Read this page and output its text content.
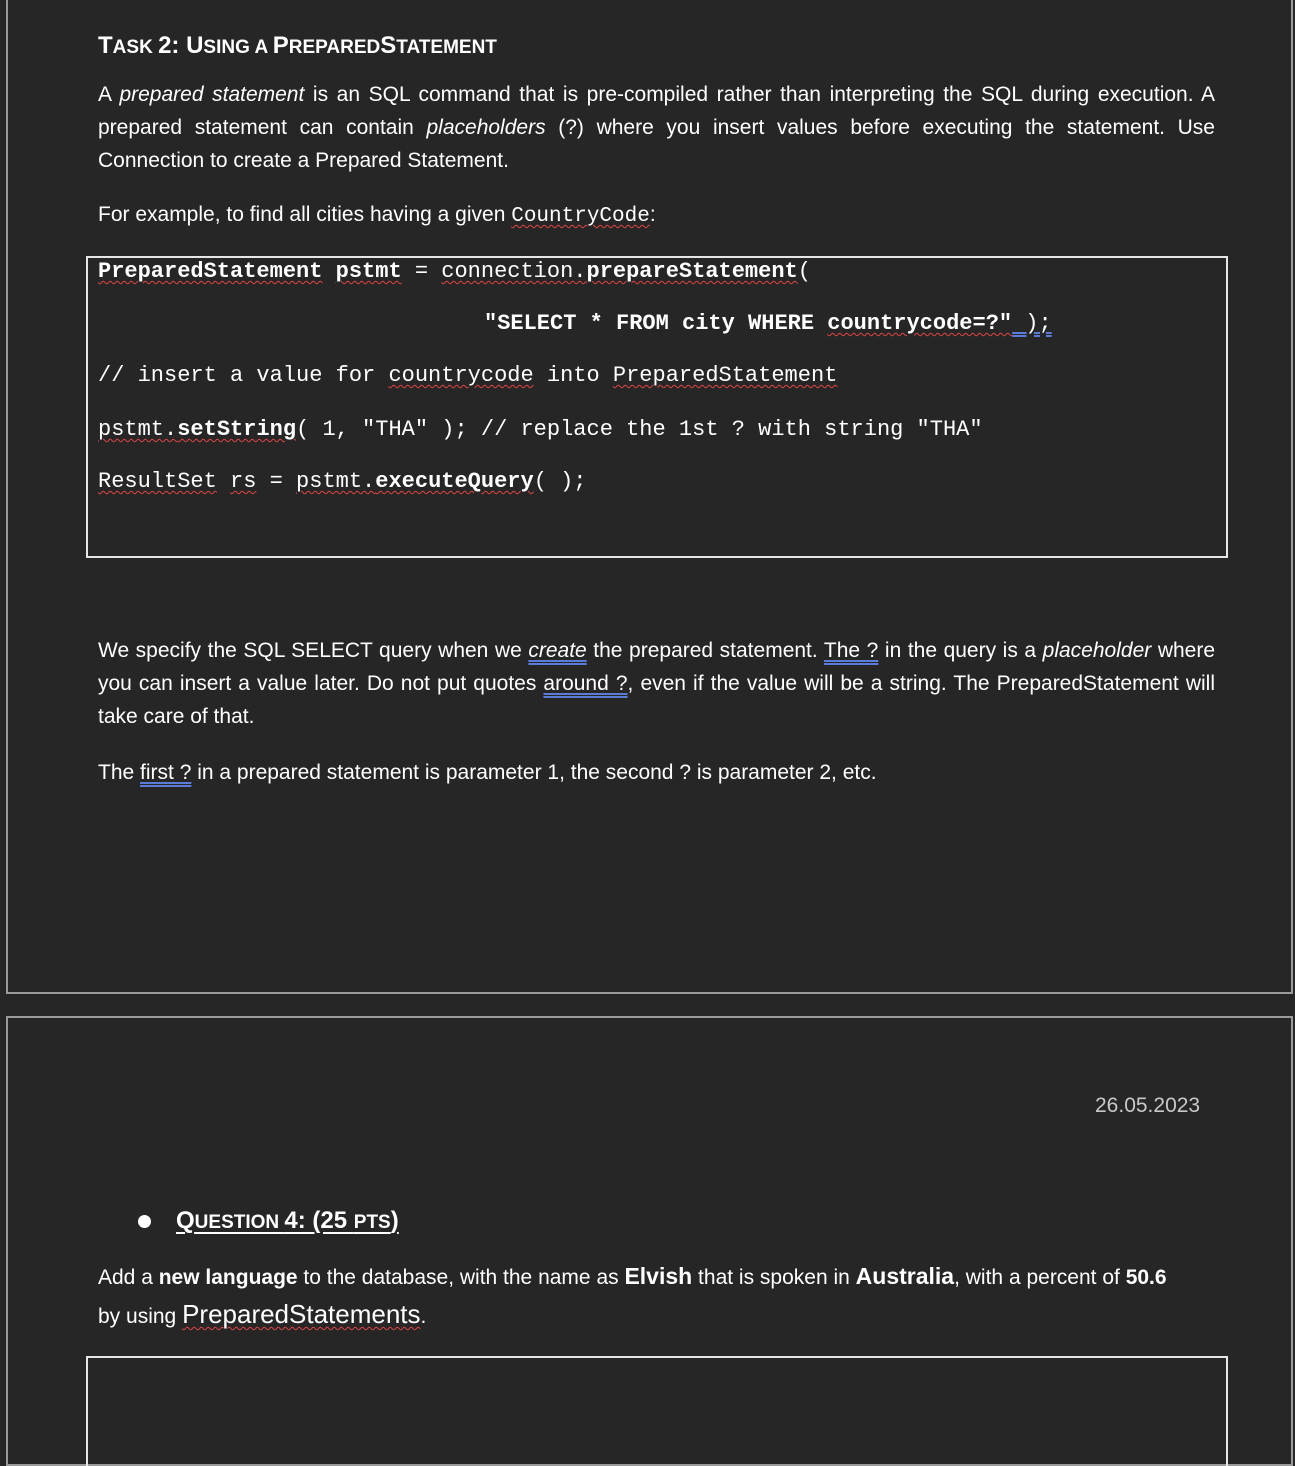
TASK 2: USING A PREPAREDSTATEMENT
A prepared statement is an SQL command that is pre-compiled rather than interpreting the SQL during execution. A prepared statement can contain placeholders (?) where you insert values before executing the statement. Use Connection to create a Prepared Statement.
For example, to find all cities having a given CountryCode:
PreparedStatement pstmt = connection.prepareStatement(
"SELECT * FROM city WHERE countrycode=?" );
// insert a value for countrycode into PreparedStatement
pstmt.setString( 1, "THA" ); // replace the 1st ? with string "THA"
ResultSet rs = pstmt.executeQuery( );
We specify the SQL SELECT query when we create the prepared statement. The ? in the query is a placeholder where you can insert a value later. Do not put quotes around ?, even if the value will be a string. The PreparedStatement will take care of that.
The first ? in a prepared statement is parameter 1, the second ? is parameter 2, etc.
26.05.2023
QUESTION 4: (25 PTS)
Add a new language to the database, with the name as Elvish that is spoken in Australia, with a percent of 50.6
by using PreparedStatements.
